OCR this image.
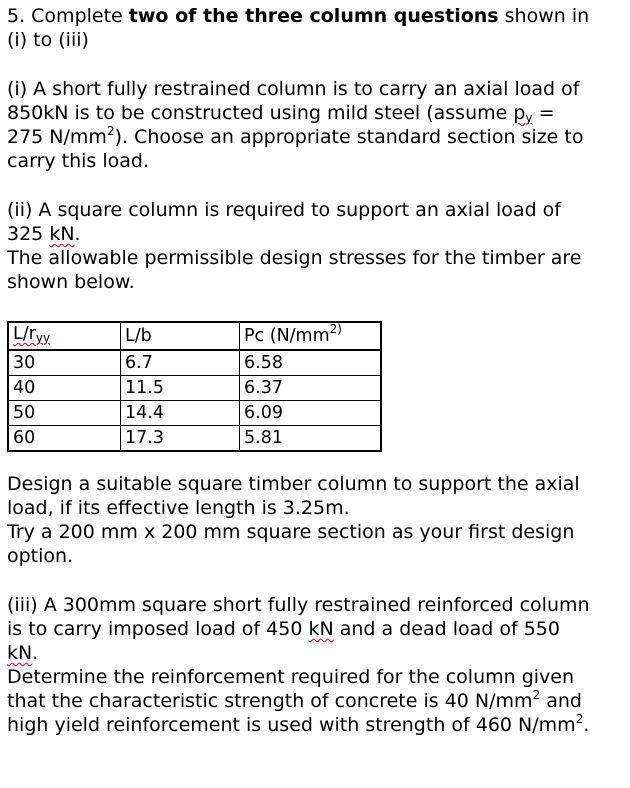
5. Complete two of the three column questions shown in

(i) to (iii)

(i) A short fully restrained column is to carry an axial load of

850kN is to be constructed using mild steel (assume $p_y$ =

275 $N/mm^2$). Choose an appropriate standard section size to

carry this load.

(ii) A square column is required to support an axial load of

325 kN.

The allowable permissible design stresses for the timber are

shown below.

$L/r_{yy}$	L/b	Pc ($N/mm^{2)}$
30	6.7	6.58
40	11.5	6.37
50	14.4	6.09
60	17.3	5.81

Design a suitable square timber column to support the axial

load, if its effective length is 3.25m.

Try a 200 mm x 200 mm square section as your first design

option.

(iii) A 300mm square short fully restrained reinforced column

is to carry imposed load of 450 kN and a dead load of 550

kN.

Determine the reinforcement required for the column given

that the characteristic strength of concrete is 40 $N/mm^2$ and

high yield reinforcement is used with strength of 460 $N/mm^2$.
